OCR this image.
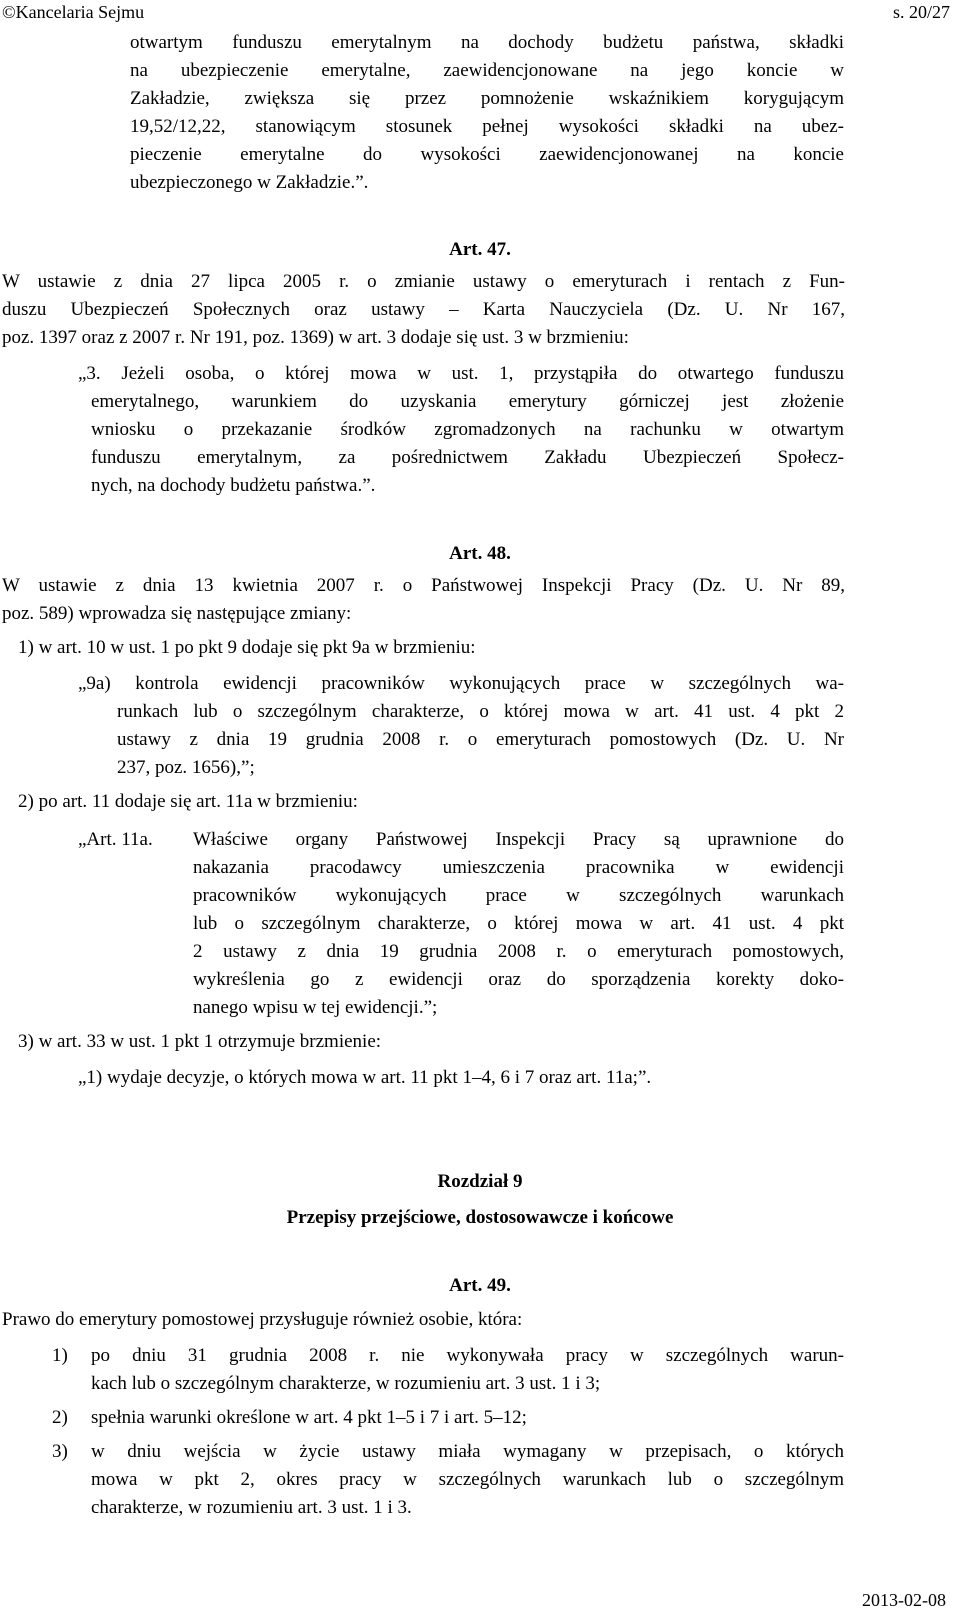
©Kancelaria Sejmu	s. 20/27
otwartym funduszu emerytalnym na dochody budżetu państwa, składki
na ubezpieczenie emerytalne, zaewidencjonowane na jego koncie w
Zakładzie, zwiększa się przez pomnożenie wskaźnikiem korygującym
19,52/12,22, stanowiącym stosunek pełnej wysokości składki na ubez-
pieczenie emerytalne do wysokości zaewidencjonowanej na koncie
ubezpieczonego w Zakładzie.”.
Art. 47.
W ustawie z dnia 27 lipca 2005 r. o zmianie ustawy o emeryturach i rentach z Fun-
duszu Ubezpieczeń Społecznych oraz ustawy – Karta Nauczyciela (Dz. U. Nr 167,
poz. 1397 oraz z 2007 r. Nr 191, poz. 1369) w art. 3 dodaje się ust. 3 w brzmieniu:
„3. Jeżeli osoba, o której mowa w ust. 1, przystąpiła do otwartego funduszu
emerytalnego, warunkiem do uzyskania emerytury górniczej jest złożenie
wniosku o przekazanie środków zgromadzonych na rachunku w otwartym
funduszu emerytalnym, za pośrednictwem Zakładu Ubezpieczeń Społecz-
nych, na dochody budżetu państwa.”.
Art. 48.
W ustawie z dnia 13 kwietnia 2007 r. o Państwowej Inspekcji Pracy (Dz. U. Nr 89,
poz. 589) wprowadza się następujące zmiany:
1) w art. 10 w ust. 1 po pkt 9 dodaje się pkt 9a w brzmieniu:
„9a) kontrola ewidencji pracowników wykonujących prace w szczególnych wa-
runkach lub o szczególnym charakterze, o której mowa w art. 41 ust. 4 pkt 2
ustawy z dnia 19 grudnia 2008 r. o emeryturach pomostowych (Dz. U. Nr
237, poz. 1656),”;
2) po art. 11 dodaje się art. 11a w brzmieniu:
„Art. 11a. Właściwe organy Państwowej Inspekcji Pracy są uprawnione do
nakazania pracodawcy umieszczenia pracownika w ewidencji
pracowników wykonujących prace w szczególnych warunkach
lub o szczególnym charakterze, o której mowa w art. 41 ust. 4 pkt
2 ustawy z dnia 19 grudnia 2008 r. o emeryturach pomostowych,
wykreślenia go z ewidencji oraz do sporządzenia korekty doko-
nanego wpisu w tej ewidencji.”;
3) w art. 33 w ust. 1 pkt 1 otrzymuje brzmienie:
„1) wydaje decyzje, o których mowa w art. 11 pkt 1–4, 6 i 7 oraz art. 11a;”.
Rozdział 9
Przepisy przejściowe, dostosowawcze i końcowe
Art. 49.
Prawo do emerytury pomostowej przysługuje również osobie, która:
1) po dniu 31 grudnia 2008 r. nie wykonywała pracy w szczególnych warun-
kach lub o szczególnym charakterze, w rozumieniu art. 3 ust. 1 i 3;
2) spełnia warunki określone w art. 4 pkt 1–5 i 7 i art. 5–12;
3) w dniu wejścia w życie ustawy miała wymagany w przepisach, o których
mowa w pkt 2, okres pracy w szczególnych warunkach lub o szczególnym
charakterze, w rozumieniu art. 3 ust. 1 i 3.
2013-02-08
